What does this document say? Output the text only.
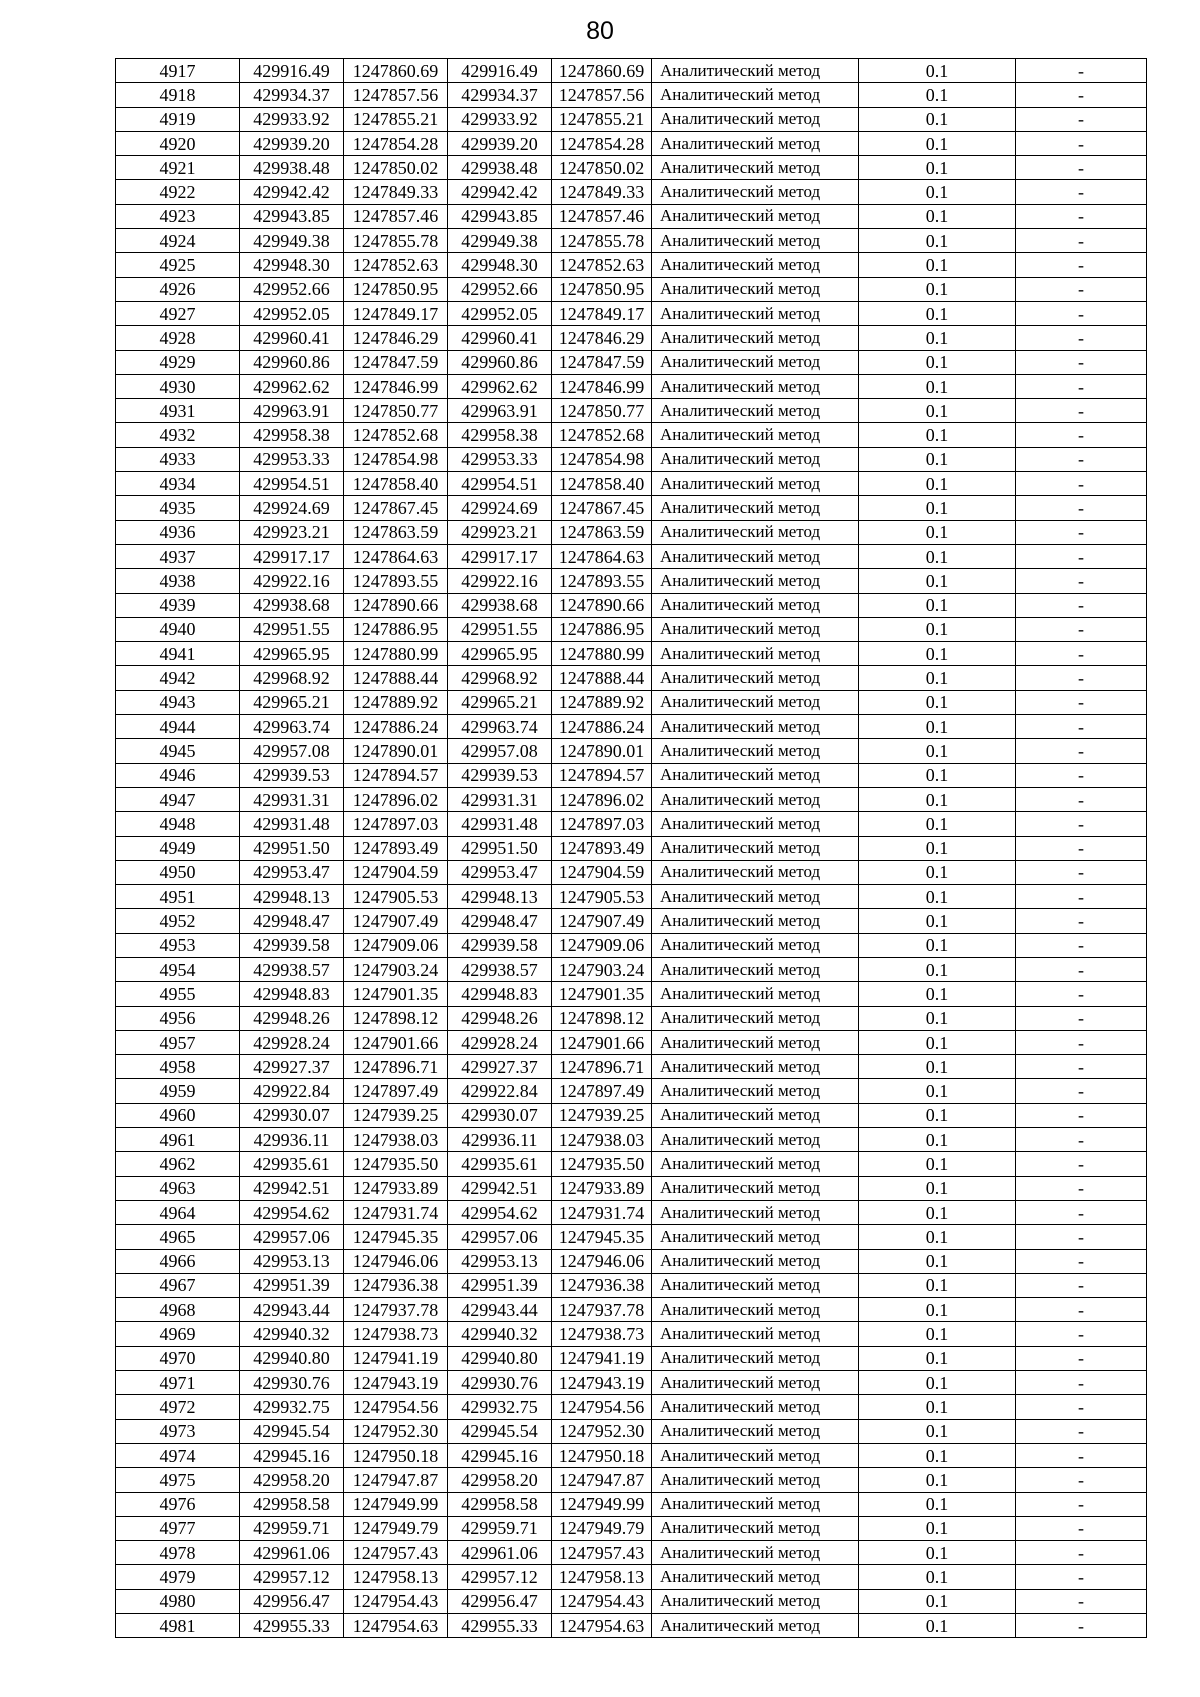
80
4917	429916.49	1247860.69	429916.49	1247860.69	Аналитический метод	0.1	-
4918	429934.37	1247857.56	429934.37	1247857.56	Аналитический метод	0.1	-
4919	429933.92	1247855.21	429933.92	1247855.21	Аналитический метод	0.1	-
4920	429939.20	1247854.28	429939.20	1247854.28	Аналитический метод	0.1	-
4921	429938.48	1247850.02	429938.48	1247850.02	Аналитический метод	0.1	-
4922	429942.42	1247849.33	429942.42	1247849.33	Аналитический метод	0.1	-
4923	429943.85	1247857.46	429943.85	1247857.46	Аналитический метод	0.1	-
4924	429949.38	1247855.78	429949.38	1247855.78	Аналитический метод	0.1	-
4925	429948.30	1247852.63	429948.30	1247852.63	Аналитический метод	0.1	-
4926	429952.66	1247850.95	429952.66	1247850.95	Аналитический метод	0.1	-
4927	429952.05	1247849.17	429952.05	1247849.17	Аналитический метод	0.1	-
4928	429960.41	1247846.29	429960.41	1247846.29	Аналитический метод	0.1	-
4929	429960.86	1247847.59	429960.86	1247847.59	Аналитический метод	0.1	-
4930	429962.62	1247846.99	429962.62	1247846.99	Аналитический метод	0.1	-
4931	429963.91	1247850.77	429963.91	1247850.77	Аналитический метод	0.1	-
4932	429958.38	1247852.68	429958.38	1247852.68	Аналитический метод	0.1	-
4933	429953.33	1247854.98	429953.33	1247854.98	Аналитический метод	0.1	-
4934	429954.51	1247858.40	429954.51	1247858.40	Аналитический метод	0.1	-
4935	429924.69	1247867.45	429924.69	1247867.45	Аналитический метод	0.1	-
4936	429923.21	1247863.59	429923.21	1247863.59	Аналитический метод	0.1	-
4937	429917.17	1247864.63	429917.17	1247864.63	Аналитический метод	0.1	-
4938	429922.16	1247893.55	429922.16	1247893.55	Аналитический метод	0.1	-
4939	429938.68	1247890.66	429938.68	1247890.66	Аналитический метод	0.1	-
4940	429951.55	1247886.95	429951.55	1247886.95	Аналитический метод	0.1	-
4941	429965.95	1247880.99	429965.95	1247880.99	Аналитический метод	0.1	-
4942	429968.92	1247888.44	429968.92	1247888.44	Аналитический метод	0.1	-
4943	429965.21	1247889.92	429965.21	1247889.92	Аналитический метод	0.1	-
4944	429963.74	1247886.24	429963.74	1247886.24	Аналитический метод	0.1	-
4945	429957.08	1247890.01	429957.08	1247890.01	Аналитический метод	0.1	-
4946	429939.53	1247894.57	429939.53	1247894.57	Аналитический метод	0.1	-
4947	429931.31	1247896.02	429931.31	1247896.02	Аналитический метод	0.1	-
4948	429931.48	1247897.03	429931.48	1247897.03	Аналитический метод	0.1	-
4949	429951.50	1247893.49	429951.50	1247893.49	Аналитический метод	0.1	-
4950	429953.47	1247904.59	429953.47	1247904.59	Аналитический метод	0.1	-
4951	429948.13	1247905.53	429948.13	1247905.53	Аналитический метод	0.1	-
4952	429948.47	1247907.49	429948.47	1247907.49	Аналитический метод	0.1	-
4953	429939.58	1247909.06	429939.58	1247909.06	Аналитический метод	0.1	-
4954	429938.57	1247903.24	429938.57	1247903.24	Аналитический метод	0.1	-
4955	429948.83	1247901.35	429948.83	1247901.35	Аналитический метод	0.1	-
4956	429948.26	1247898.12	429948.26	1247898.12	Аналитический метод	0.1	-
4957	429928.24	1247901.66	429928.24	1247901.66	Аналитический метод	0.1	-
4958	429927.37	1247896.71	429927.37	1247896.71	Аналитический метод	0.1	-
4959	429922.84	1247897.49	429922.84	1247897.49	Аналитический метод	0.1	-
4960	429930.07	1247939.25	429930.07	1247939.25	Аналитический метод	0.1	-
4961	429936.11	1247938.03	429936.11	1247938.03	Аналитический метод	0.1	-
4962	429935.61	1247935.50	429935.61	1247935.50	Аналитический метод	0.1	-
4963	429942.51	1247933.89	429942.51	1247933.89	Аналитический метод	0.1	-
4964	429954.62	1247931.74	429954.62	1247931.74	Аналитический метод	0.1	-
4965	429957.06	1247945.35	429957.06	1247945.35	Аналитический метод	0.1	-
4966	429953.13	1247946.06	429953.13	1247946.06	Аналитический метод	0.1	-
4967	429951.39	1247936.38	429951.39	1247936.38	Аналитический метод	0.1	-
4968	429943.44	1247937.78	429943.44	1247937.78	Аналитический метод	0.1	-
4969	429940.32	1247938.73	429940.32	1247938.73	Аналитический метод	0.1	-
4970	429940.80	1247941.19	429940.80	1247941.19	Аналитический метод	0.1	-
4971	429930.76	1247943.19	429930.76	1247943.19	Аналитический метод	0.1	-
4972	429932.75	1247954.56	429932.75	1247954.56	Аналитический метод	0.1	-
4973	429945.54	1247952.30	429945.54	1247952.30	Аналитический метод	0.1	-
4974	429945.16	1247950.18	429945.16	1247950.18	Аналитический метод	0.1	-
4975	429958.20	1247947.87	429958.20	1247947.87	Аналитический метод	0.1	-
4976	429958.58	1247949.99	429958.58	1247949.99	Аналитический метод	0.1	-
4977	429959.71	1247949.79	429959.71	1247949.79	Аналитический метод	0.1	-
4978	429961.06	1247957.43	429961.06	1247957.43	Аналитический метод	0.1	-
4979	429957.12	1247958.13	429957.12	1247958.13	Аналитический метод	0.1	-
4980	429956.47	1247954.43	429956.47	1247954.43	Аналитический метод	0.1	-
4981	429955.33	1247954.63	429955.33	1247954.63	Аналитический метод	0.1	-
